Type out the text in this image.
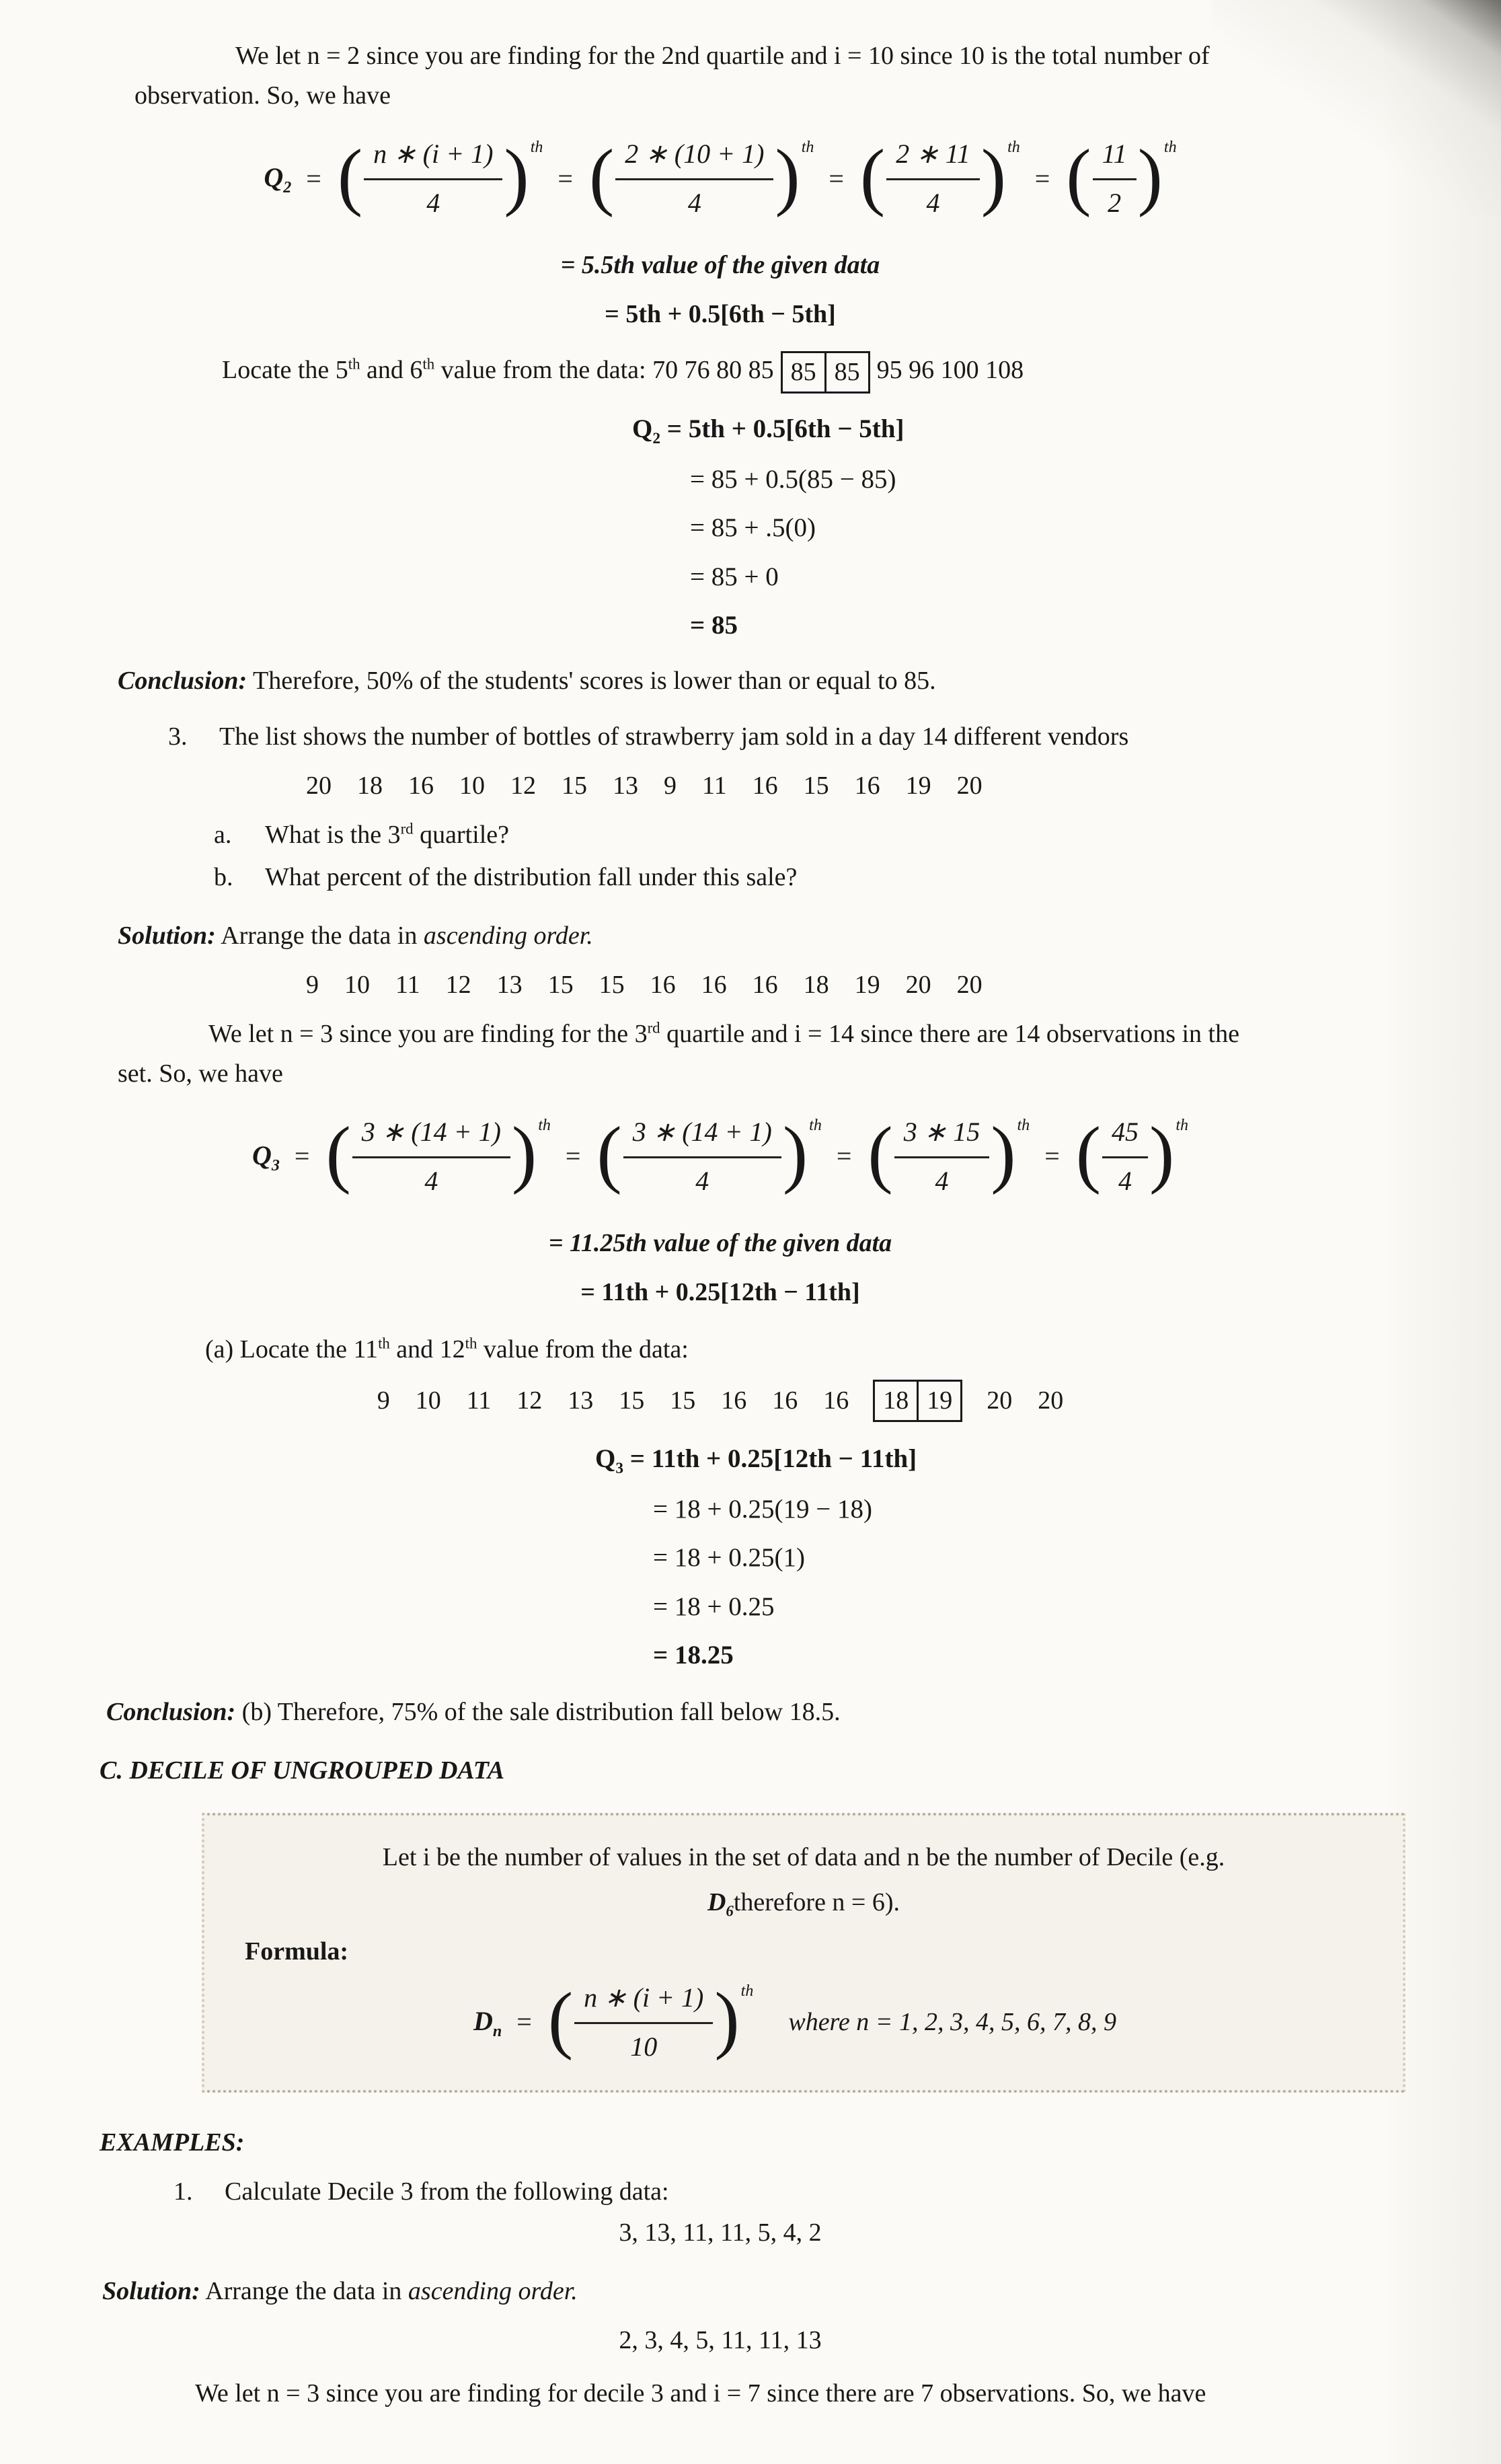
We let n = 2 since you are finding for the 2nd quartile and i = 10 since 10 is the total number of

observation. So, we have

$Q_2$ = ( $\frac{n ∗ (i + 1)}{4}$ ) th
= ( $\frac{2 ∗ (10 + 1)}{4}$ ) th
= ( $\frac{2 ∗ 11}{4}$ ) th
= ( $\frac{11}{2}$ ) th

= 5.5th value of the given data

= 5th + 0.5[6th − 5th]

Locate the 5th and 6th value from the data: 70 76 80 85 85 85 95 96 100 108

$Q_2 = 5th + 0.5[6th - 5th]$

= 85 + 0.5(85 − 85)

= 85 + .5(0)

= 85 + 0

= 85

Conclusion: Therefore, 50% of the students' scores is lower than or equal to 85.

3. The list shows the number of bottles of strawberry jam sold in a day 14 different vendors

20    18    16    10    12    15    13    9    11    16    15    16    19    20

a. What is the 3rd quartile?

b. What percent of the distribution fall under this sale?

Solution: Arrange the data in ascending order.

9    10    11    12    13    15    15    16    16    16    18    19    20    20

We let n = 3 since you are finding for the 3rd quartile and i = 14 since there are 14 observations in the

set. So, we have

$Q_3$ = ( $\frac{3 ∗ (14 + 1)}{4}$ ) th
= ( $\frac{3 ∗ (14 + 1)}{4}$ ) th
= ( $\frac{3 ∗ 15}{4}$ ) th
= ( $\frac{45}{4}$ ) th

= 11.25th value of the given data

= 11th + 0.25[12th − 11th]

(a) Locate the 11th and 12th value from the data:

9    10    11    12    13    15    15    16    16    16	18 19	20    20

$Q_3 = 11th + 0.25[12th - 11th]$

= 18 + 0.25(19 − 18)

= 18 + 0.25(1)

= 18 + 0.25

= 18.25

Conclusion: (b) Therefore, 75% of the sale distribution fall below 18.5.

C. DECILE OF UNGROUPED DATA

Let i be the number of values in the set of data and n be the number of Decile (e.g.

$D_6therefore$ n = 6).

Formula:

$D_n$ = ( $\frac{n ∗ (i + 1)}{10}$ ) th
where n = 1, 2, 3, 4, 5, 6, 7, 8, 9

EXAMPLES:

1. Calculate Decile 3 from the following data:

3, 13, 11, 11, 5, 4, 2

Solution: Arrange the data in ascending order.

2, 3, 4, 5, 11, 11, 13

We let n = 3 since you are finding for decile 3 and i = 7 since there are 7 observations. So, we have
